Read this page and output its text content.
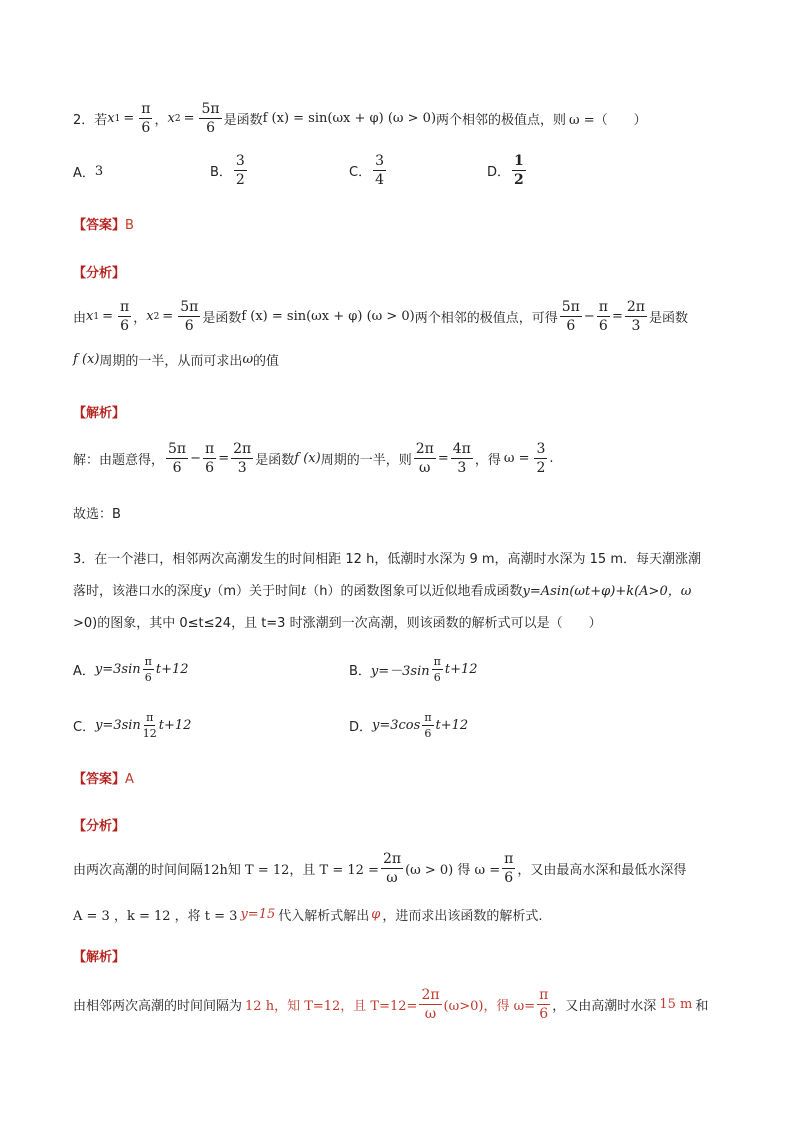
2．若 x $1 = \frac{\pi}{6}$ ， x $2 = \frac{5\pi}{6}$ 是函数 f (x) = sin(ωx + φ) (ω > 0) 两个相邻的极值点，则 ω =（　　）
A． 3	B． $\frac{3}{2}$	C． $\frac{3}{4}$	D． $\frac{1}{2}$
【答案】B
【分析】
由 x $1 = \frac{\pi}{6}$ ， x $2 = \frac{5\pi}{6}$ 是函数 f (x) = sin(ωx + φ) (ω > 0) 两个相邻的极值点，可得 $\frac{5\pi}{6} - \frac{\pi}{6} = \frac{2\pi}{3}$ 是函数
f (x) 周期的一半，从而可求出 ω 的值
【解析】
解：由题意得， $\frac{5\pi}{6} - \frac{\pi}{6} = \frac{2\pi}{3}$ 是函数 f (x) 周期的一半，则 $\frac{2\pi}{\omega} = \frac{4\pi}{3}$ ，得 $\omega = \frac{3}{2}$ .
故选：B
3．在一个港口，相邻两次高潮发生的时间相距 12 h，低潮时水深为 9 m，高潮时水深为 15 m．每天潮涨潮
落时，该港口水的深度y（m）关于时间t（h）的函数图象可以近似地看成函数y=Asin(ωt+φ)+k(A>0，ω
>0)的图象，其中 0≤t≤24，且 t=3 时涨潮到一次高潮，则该函数的解析式可以是（　　）
A． $y=3\sin \frac{\pi}{6} t+12$	B． $y=-3\sin \frac{\pi}{6} t+12$
C． $y=3\sin \frac{\pi}{12} t+12$	D． $y=3\cos \frac{\pi}{6} t+12$
【答案】A
【分析】
由两次高潮的时间间隔12h知 T = 12，且 $T = 12 = \frac{2\pi}{\omega} (\omega > 0)$ 得 $\omega = \frac{\pi}{6}$ ，又由最高水深和最低水深得
A = 3 ，k = 12 ，将 t = 3 y=15 代入解析式解出 φ ，进而求出该函数的解析式.
【解析】
由相邻两次高潮的时间间隔为 12 h，知 T=12，且 $T=12= \frac{2\pi}{\omega} (\omega>0)$，得 $\omega= \frac{\pi}{6}$ ，又由高潮时水深 15 m 和
